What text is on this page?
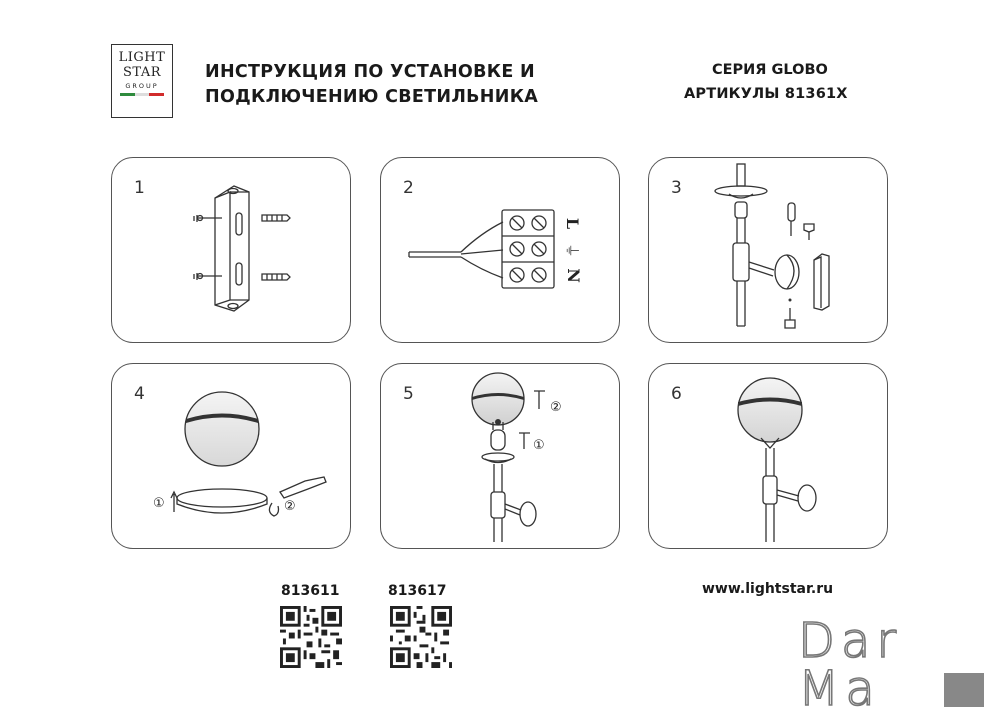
LIGHT
STAR
GROUP
ИНСТРУКЦИЯ ПО УСТАНОВКЕ И
ПОДКЛЮЧЕНИЮ СВЕТИЛЬНИКА
СЕРИЯ GLOBO
АРТИКУЛЫ 81361X
1	2
L
⏚
N
3
4
①	②
5
②
①
6
813611	813617	www.lightstar.ru
Dar
Ma
